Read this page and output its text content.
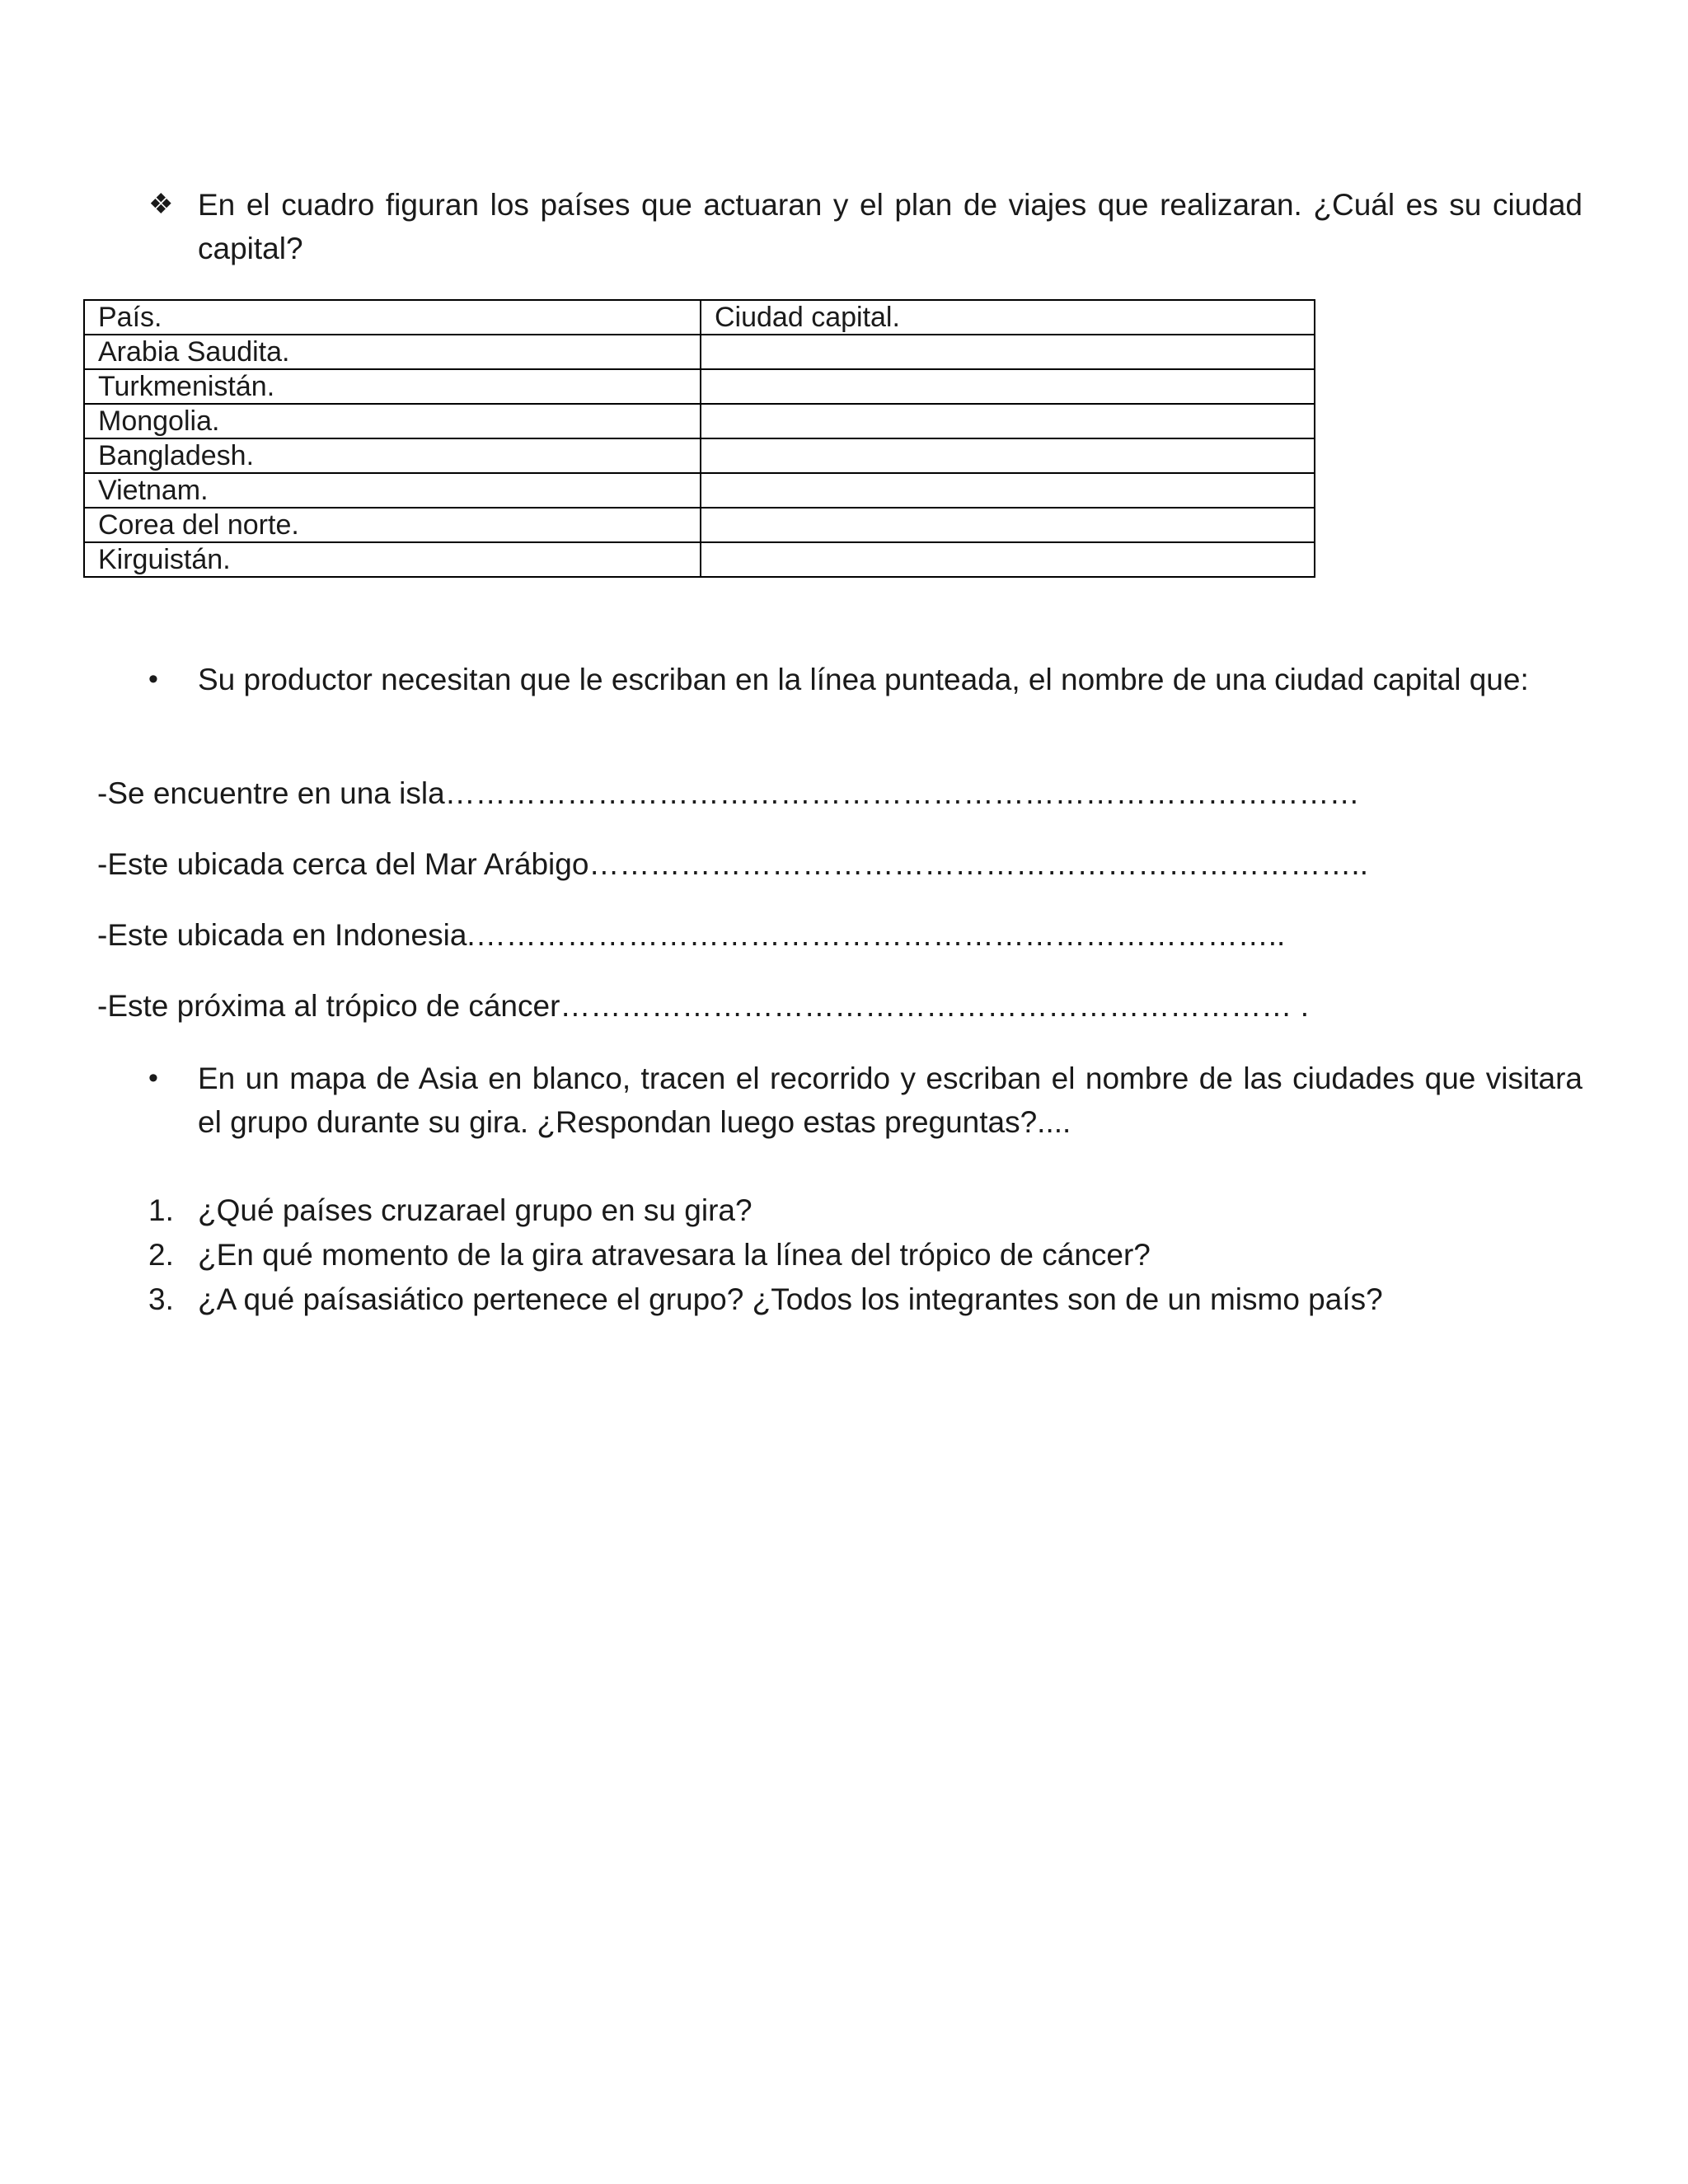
❖ En el cuadro figuran los países que actuaran y el plan de viajes que realizaran. ¿Cuál es su ciudad capital?
País.	Ciudad capital.
Arabia Saudita.	
Turkmenistán.	
Mongolia.	
Bangladesh.	
Vietnam.	
Corea del norte.	
Kirguistán.	
•	Su productor necesitan que le escriban en la línea punteada, el nombre de una ciudad capital que:
-Se encuentre en una isla………………………………………………………………………………
-Este ubicada cerca del Mar Arábigo…………………………………………………………………..
-Este ubicada en Indonesia.……………………………………………………………………..
-Este próxima al trópico de cáncer……………………………………………………………… .
•	En un mapa de Asia en blanco, tracen el recorrido y escriban el nombre de las ciudades que visitara el grupo durante su gira. ¿Respondan luego estas preguntas?....
1. ¿Qué países cruzarael grupo en su gira?
2. ¿En qué momento de la gira atravesara la línea del trópico de cáncer?
3. ¿A qué paísasiático pertenece el grupo? ¿Todos los integrantes son de un mismo país?
